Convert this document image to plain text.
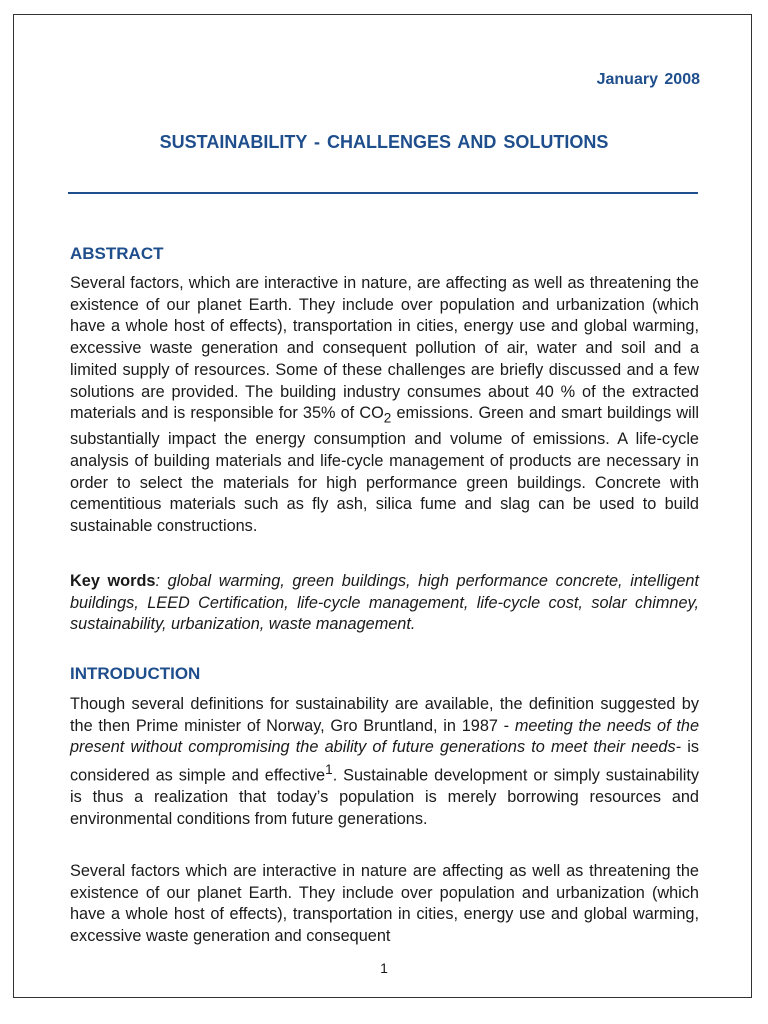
January 2008
SUSTAINABILITY - CHALLENGES AND SOLUTIONS
ABSTRACT
Several factors, which are interactive in nature, are affecting as well as threatening the existence of our planet Earth. They include over population and urbanization (which have a whole host of effects), transportation in cities, energy use and global warming, excessive waste generation and consequent pollution of air, water and soil and a limited supply of resources. Some of these challenges are briefly discussed and a few solutions are provided. The building industry consumes about 40 % of the extracted materials and is responsible for 35% of $CO_2$ emissions. Green and smart buildings will substantially impact the energy consumption and volume of emissions. A life-cycle analysis of building materials and life-cycle management of products are necessary in order to select the materials for high performance green buildings. Concrete with cementitious materials such as fly ash, silica fume and slag can be used to build sustainable constructions.
Key words: global warming, green buildings, high performance concrete, intelligent buildings, LEED Certification, life-cycle management, life-cycle cost, solar chimney, sustainability, urbanization, waste management.
INTRODUCTION
Though several definitions for sustainability are available, the definition suggested by the then Prime minister of Norway, Gro Bruntland, in 1987 - meeting the needs of the present without compromising the ability of future generations to meet their needs- is considered as simple and effective$^1$. Sustainable development or simply sustainability is thus a realization that today’s population is merely borrowing resources and environmental conditions from future generations.
Several factors which are interactive in nature are affecting as well as threatening the existence of our planet Earth. They include over population and urbanization (which have a whole host of effects), transportation in cities, energy use and global warming, excessive waste generation and consequent
1
